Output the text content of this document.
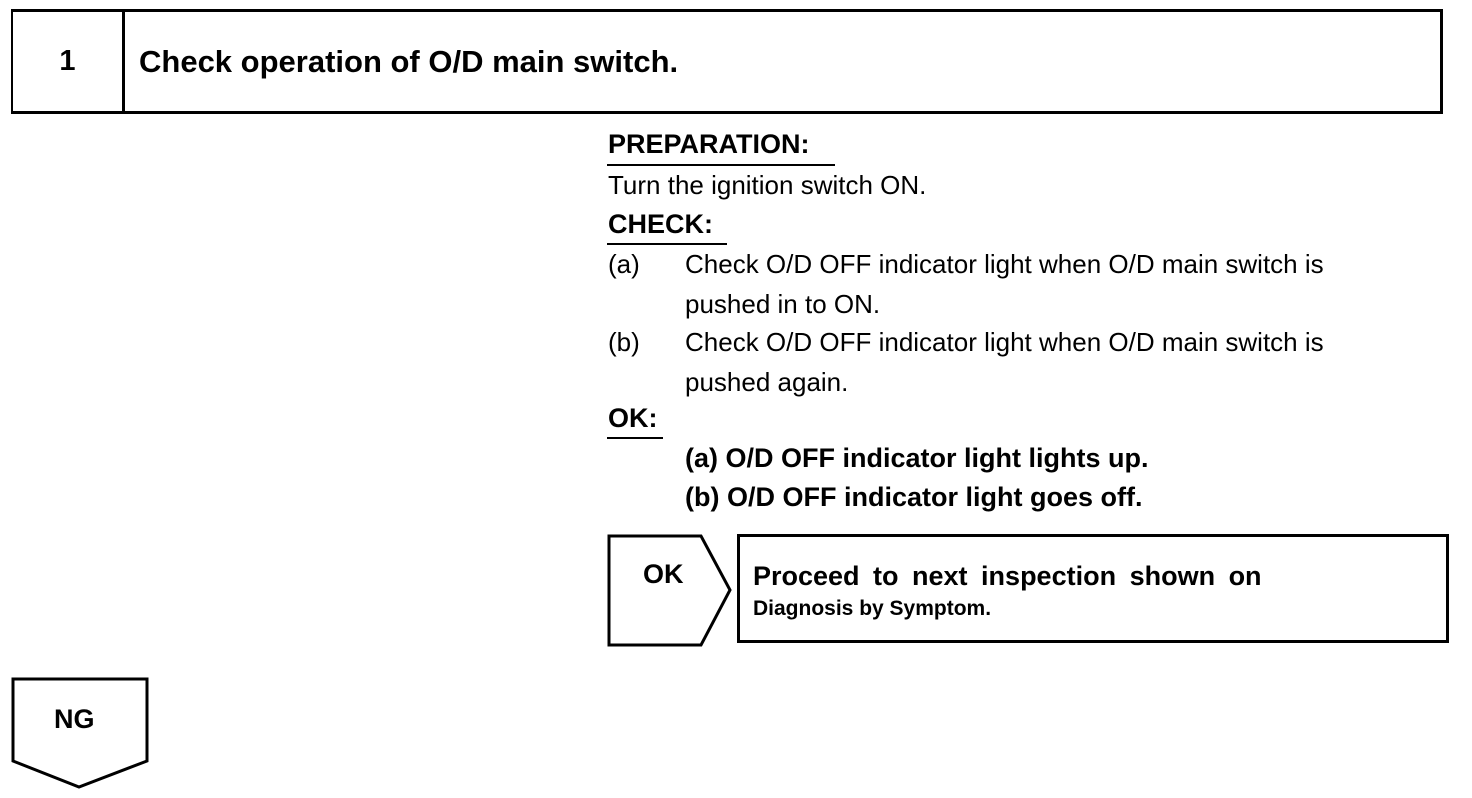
1	Check operation of O/D main switch.
PREPARATION:
Turn the ignition switch ON.
CHECK:
(a) Check O/D OFF indicator light when O/D main switch is
pushed in to ON.
(b) Check O/D OFF indicator light when O/D main switch is
pushed again.
OK:
(a) O/D OFF indicator light lights up.
(b) O/D OFF indicator light goes off.
OK	Proceed to next inspection shown on
Diagnosis by Symptom.
NG
